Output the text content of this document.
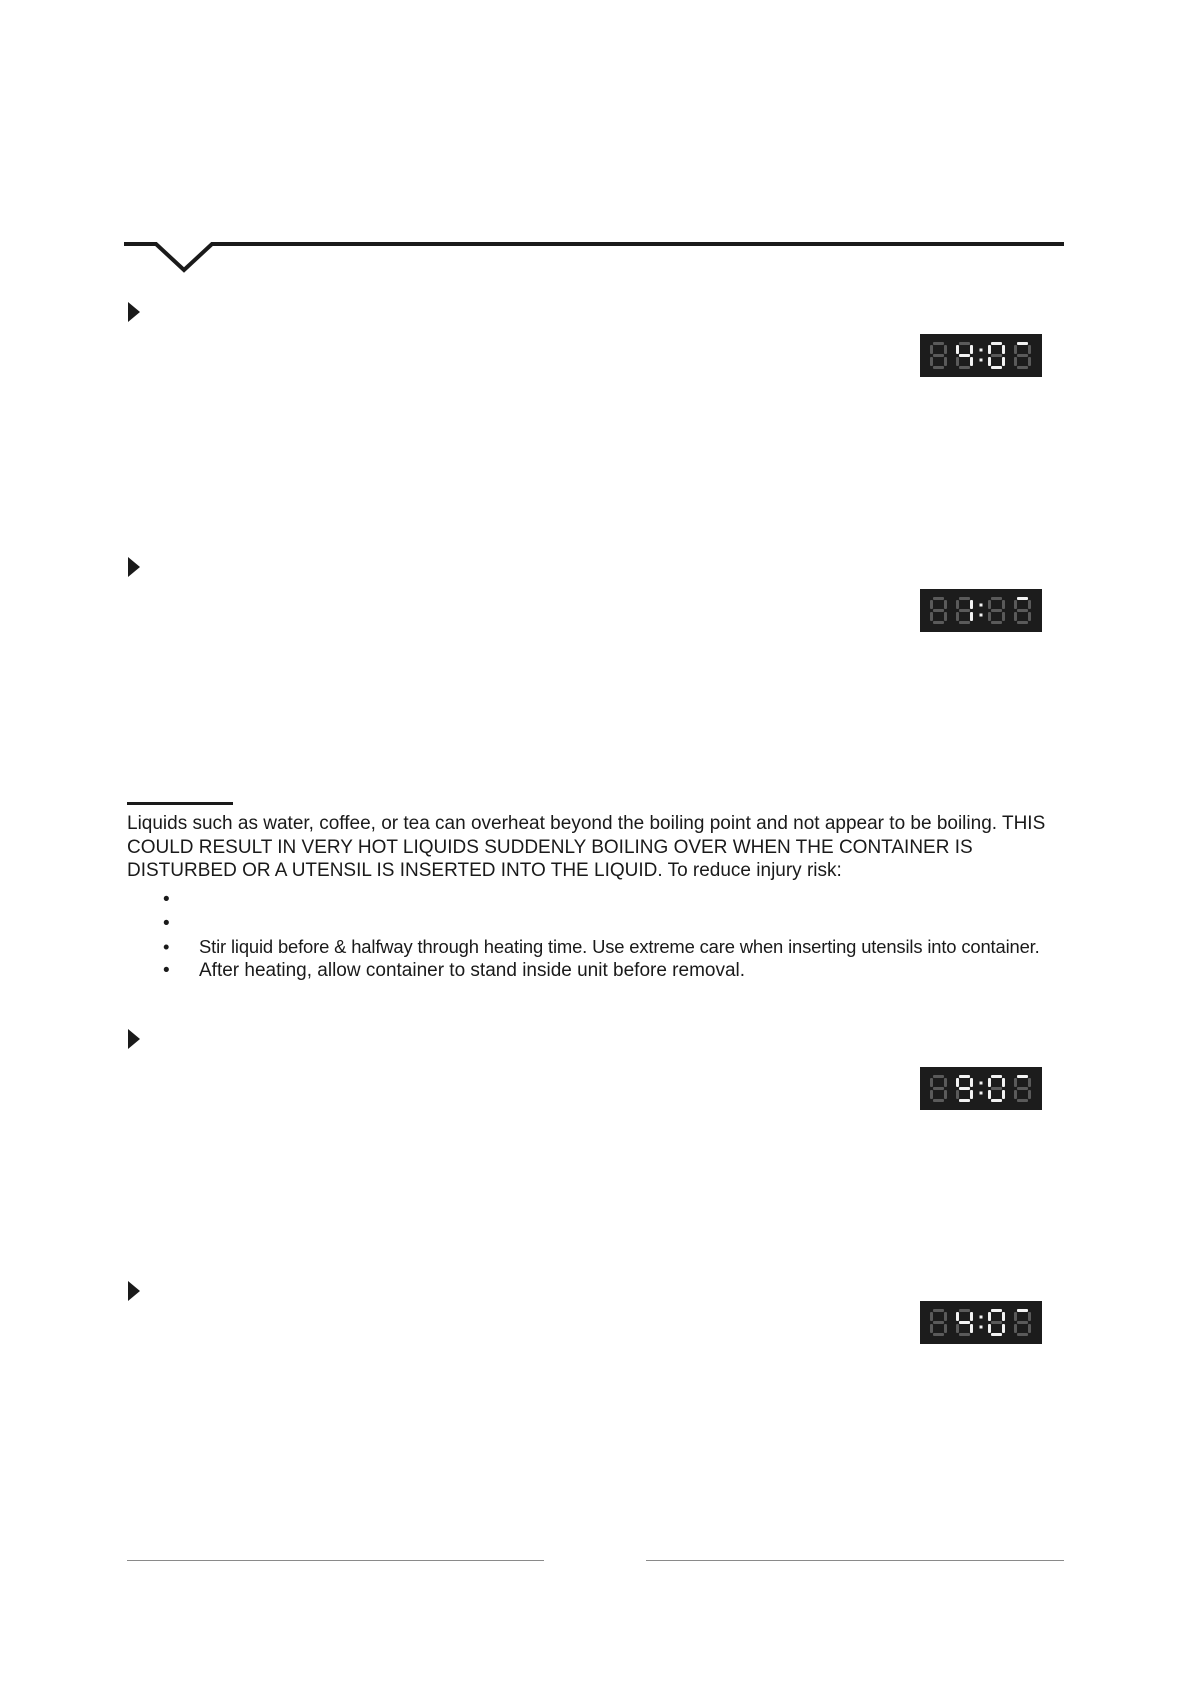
Liquids such as water, coffee, or tea can overheat beyond the boiling point and not appear to be boiling. THIS COULD RESULT IN VERY HOT LIQUIDS SUDDENLY BOILING OVER WHEN THE CONTAINER IS DISTURBED OR A UTENSIL IS INSERTED INTO THE LIQUID. To reduce injury risk:

•
•
• Stir liquid before & halfway through heating time. Use extreme care when inserting utensils into container.
• After heating, allow container to stand inside unit before removal.
